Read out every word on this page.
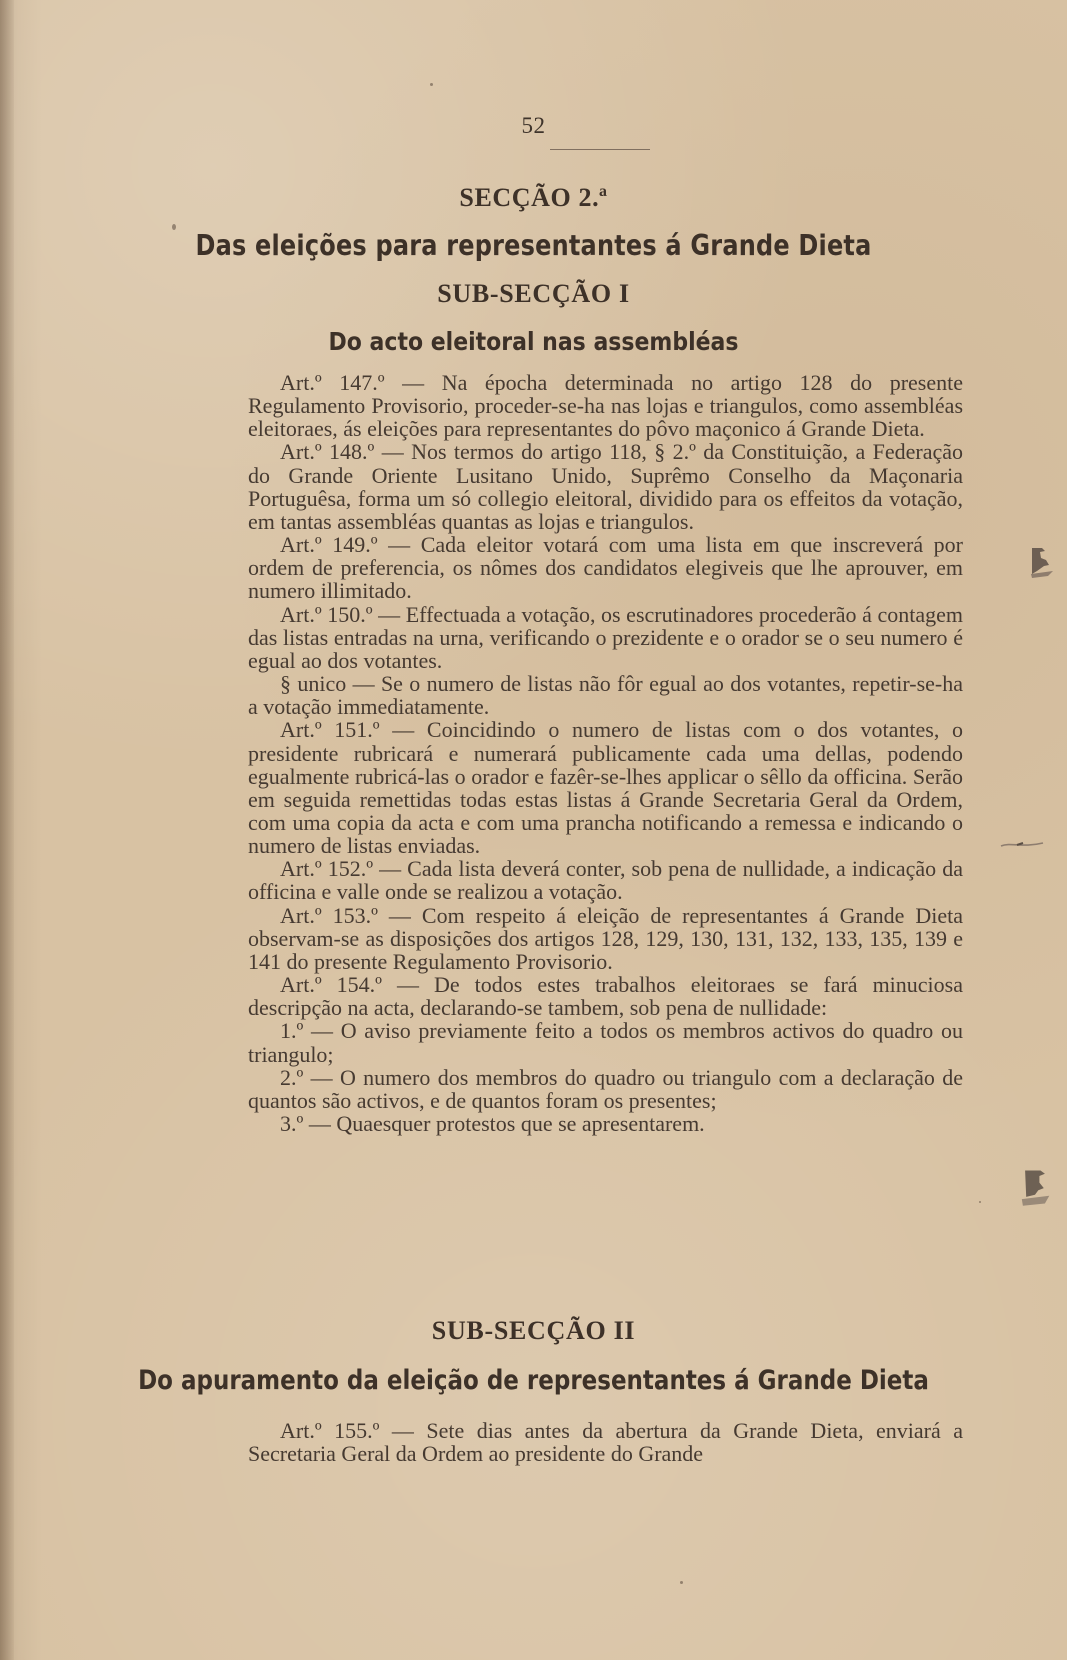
52
SECÇÃO 2.ª
Das eleições para representantes á Grande Dieta
SUB-SECÇÃO I
Do acto eleitoral nas assembléas

Art.º 147.º — Na épocha determinada no artigo 128 do presente Regulamento Provisorio, proceder-se-ha nas lojas e triangulos, como assembléas eleitoraes, ás eleições para representantes do pôvo maçonico á Grande Dieta.

Art.º 148.º — Nos termos do artigo 118, § 2.º da Constituição, a Federação do Grande Oriente Lusitano Unido, Suprêmo Conselho da Maçonaria Portuguêsa, forma um só collegio eleitoral, dividido para os effeitos da votação, em tantas assembléas quantas as lojas e triangulos.

Art.º 149.º — Cada eleitor votará com uma lista em que inscreverá por ordem de preferencia, os nômes dos candidatos elegiveis que lhe aprouver, em numero illimitado.

Art.º 150.º — Effectuada a votação, os escrutinadores procederão á contagem das listas entradas na urna, verificando o prezidente e o orador se o seu numero é egual ao dos votantes.

§ unico — Se o numero de listas não fôr egual ao dos votantes, repetir-se-ha a votação immediatamente.

Art.º 151.º — Coincidindo o numero de listas com o dos votantes, o presidente rubricará e numerará publicamente cada uma dellas, podendo egualmente rubricá-las o orador e fazêr-se-lhes applicar o sêllo da officina. Serão em seguida remettidas todas estas listas á Grande Secretaria Geral da Ordem, com uma copia da acta e com uma prancha notificando a remessa e indicando o numero de listas enviadas.

Art.º 152.º — Cada lista deverá conter, sob pena de nullidade, a indicação da officina e valle onde se realizou a votação.

Art.º 153.º — Com respeito á eleição de representantes á Grande Dieta observam-se as disposições dos artigos 128, 129, 130, 131, 132, 133, 135, 139 e 141 do presente Regulamento Provisorio.

Art.º 154.º — De todos estes trabalhos eleitoraes se fará minuciosa descripção na acta, declarando-se tambem, sob pena de nullidade:

1.º — O aviso previamente feito a todos os membros activos do quadro ou triangulo;

2.º — O numero dos membros do quadro ou triangulo com a declaração de quantos são activos, e de quantos foram os presentes;

3.º — Quaesquer protestos que se apresentarem.

SUB-SECÇÃO II
Do apuramento da eleição de representantes á Grande Dieta

Art.º 155.º — Sete dias antes da abertura da Grande Dieta, enviará a Secretaria Geral da Ordem ao presidente do Grande
